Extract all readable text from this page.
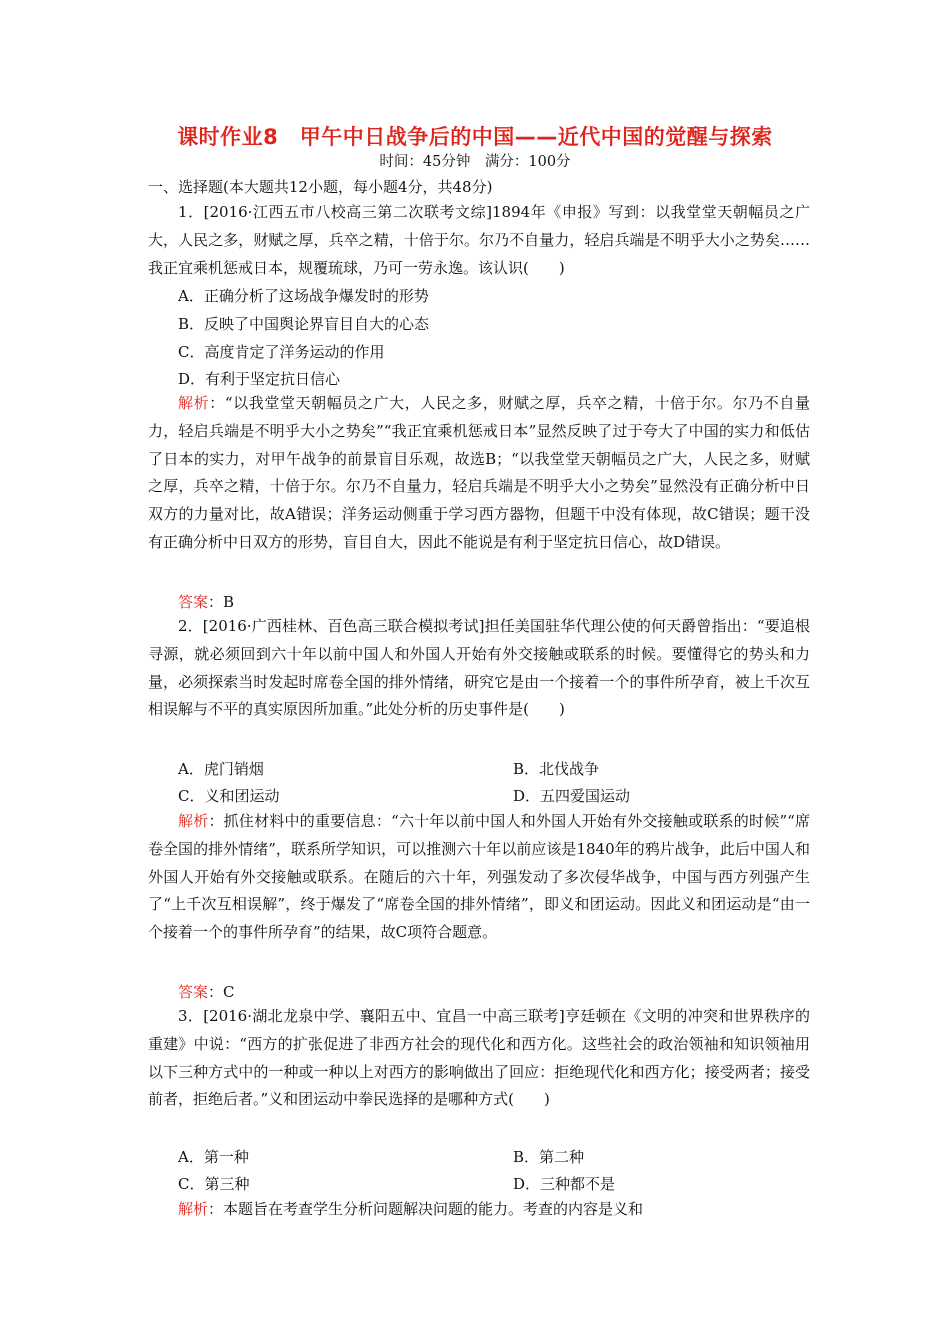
课时作业8　甲午中日战争后的中国——近代中国的觉醒与探索
时间：45分钟　满分：100分
一、选择题(本大题共12小题，每小题4分，共48分)
1．[2016·江西五市八校高三第二次联考文综]1894年《申报》写到：以我堂堂天朝幅员之广大，人民之多，财赋之厚，兵卒之精，十倍于尔。尔乃不自量力，轻启兵端是不明乎大小之势矣……我正宜乘机惩戒日本，规覆琉球，乃可一劳永逸。该认识(　　)
A．正确分析了这场战争爆发时的形势
B．反映了中国舆论界盲目自大的心态
C．高度肯定了洋务运动的作用
D．有利于坚定抗日信心
解析：“以我堂堂天朝幅员之广大，人民之多，财赋之厚，兵卒之精，十倍于尔。尔乃不自量力，轻启兵端是不明乎大小之势矣”“我正宜乘机惩戒日本”显然反映了过于夸大了中国的实力和低估了日本的实力，对甲午战争的前景盲目乐观，故选B；“以我堂堂天朝幅员之广大，人民之多，财赋之厚，兵卒之精，十倍于尔。尔乃不自量力，轻启兵端是不明乎大小之势矣”显然没有正确分析中日双方的力量对比，故A错误；洋务运动侧重于学习西方器物，但题干中没有体现，故C错误；题干没有正确分析中日双方的形势，盲目自大，因此不能说是有利于坚定抗日信心，故D错误。
答案：B
2．[2016·广西桂林、百色高三联合模拟考试]担任美国驻华代理公使的何天爵曾指出：“要追根寻源，就必须回到六十年以前中国人和外国人开始有外交接触或联系的时候。要懂得它的势头和力量，必须探索当时发起时席卷全国的排外情绪，研究它是由一个接着一个的事件所孕育，被上千次互相误解与不平的真实原因所加重。”此处分析的历史事件是(　　)
A．虎门销烟	B．北伐战争
C．义和团运动	D．五四爱国运动
解析：抓住材料中的重要信息：“六十年以前中国人和外国人开始有外交接触或联系的时候”“席卷全国的排外情绪”，联系所学知识，可以推测六十年以前应该是1840年的鸦片战争，此后中国人和外国人开始有外交接触或联系。在随后的六十年，列强发动了多次侵华战争，中国与西方列强产生了“上千次互相误解”，终于爆发了“席卷全国的排外情绪”，即义和团运动。因此义和团运动是“由一个接着一个的事件所孕育”的结果，故C项符合题意。
答案：C
3．[2016·湖北龙泉中学、襄阳五中、宜昌一中高三联考]亨廷顿在《文明的冲突和世界秩序的重建》中说：“西方的扩张促进了非西方社会的现代化和西方化。这些社会的政治领袖和知识领袖用以下三种方式中的一种或一种以上对西方的影响做出了回应：拒绝现代化和西方化；接受两者；接受前者，拒绝后者。”义和团运动中拳民选择的是哪种方式(　　)
A．第一种	B．第二种
C．第三种	D．三种都不是
解析：本题旨在考查学生分析问题解决问题的能力。考查的内容是义和
